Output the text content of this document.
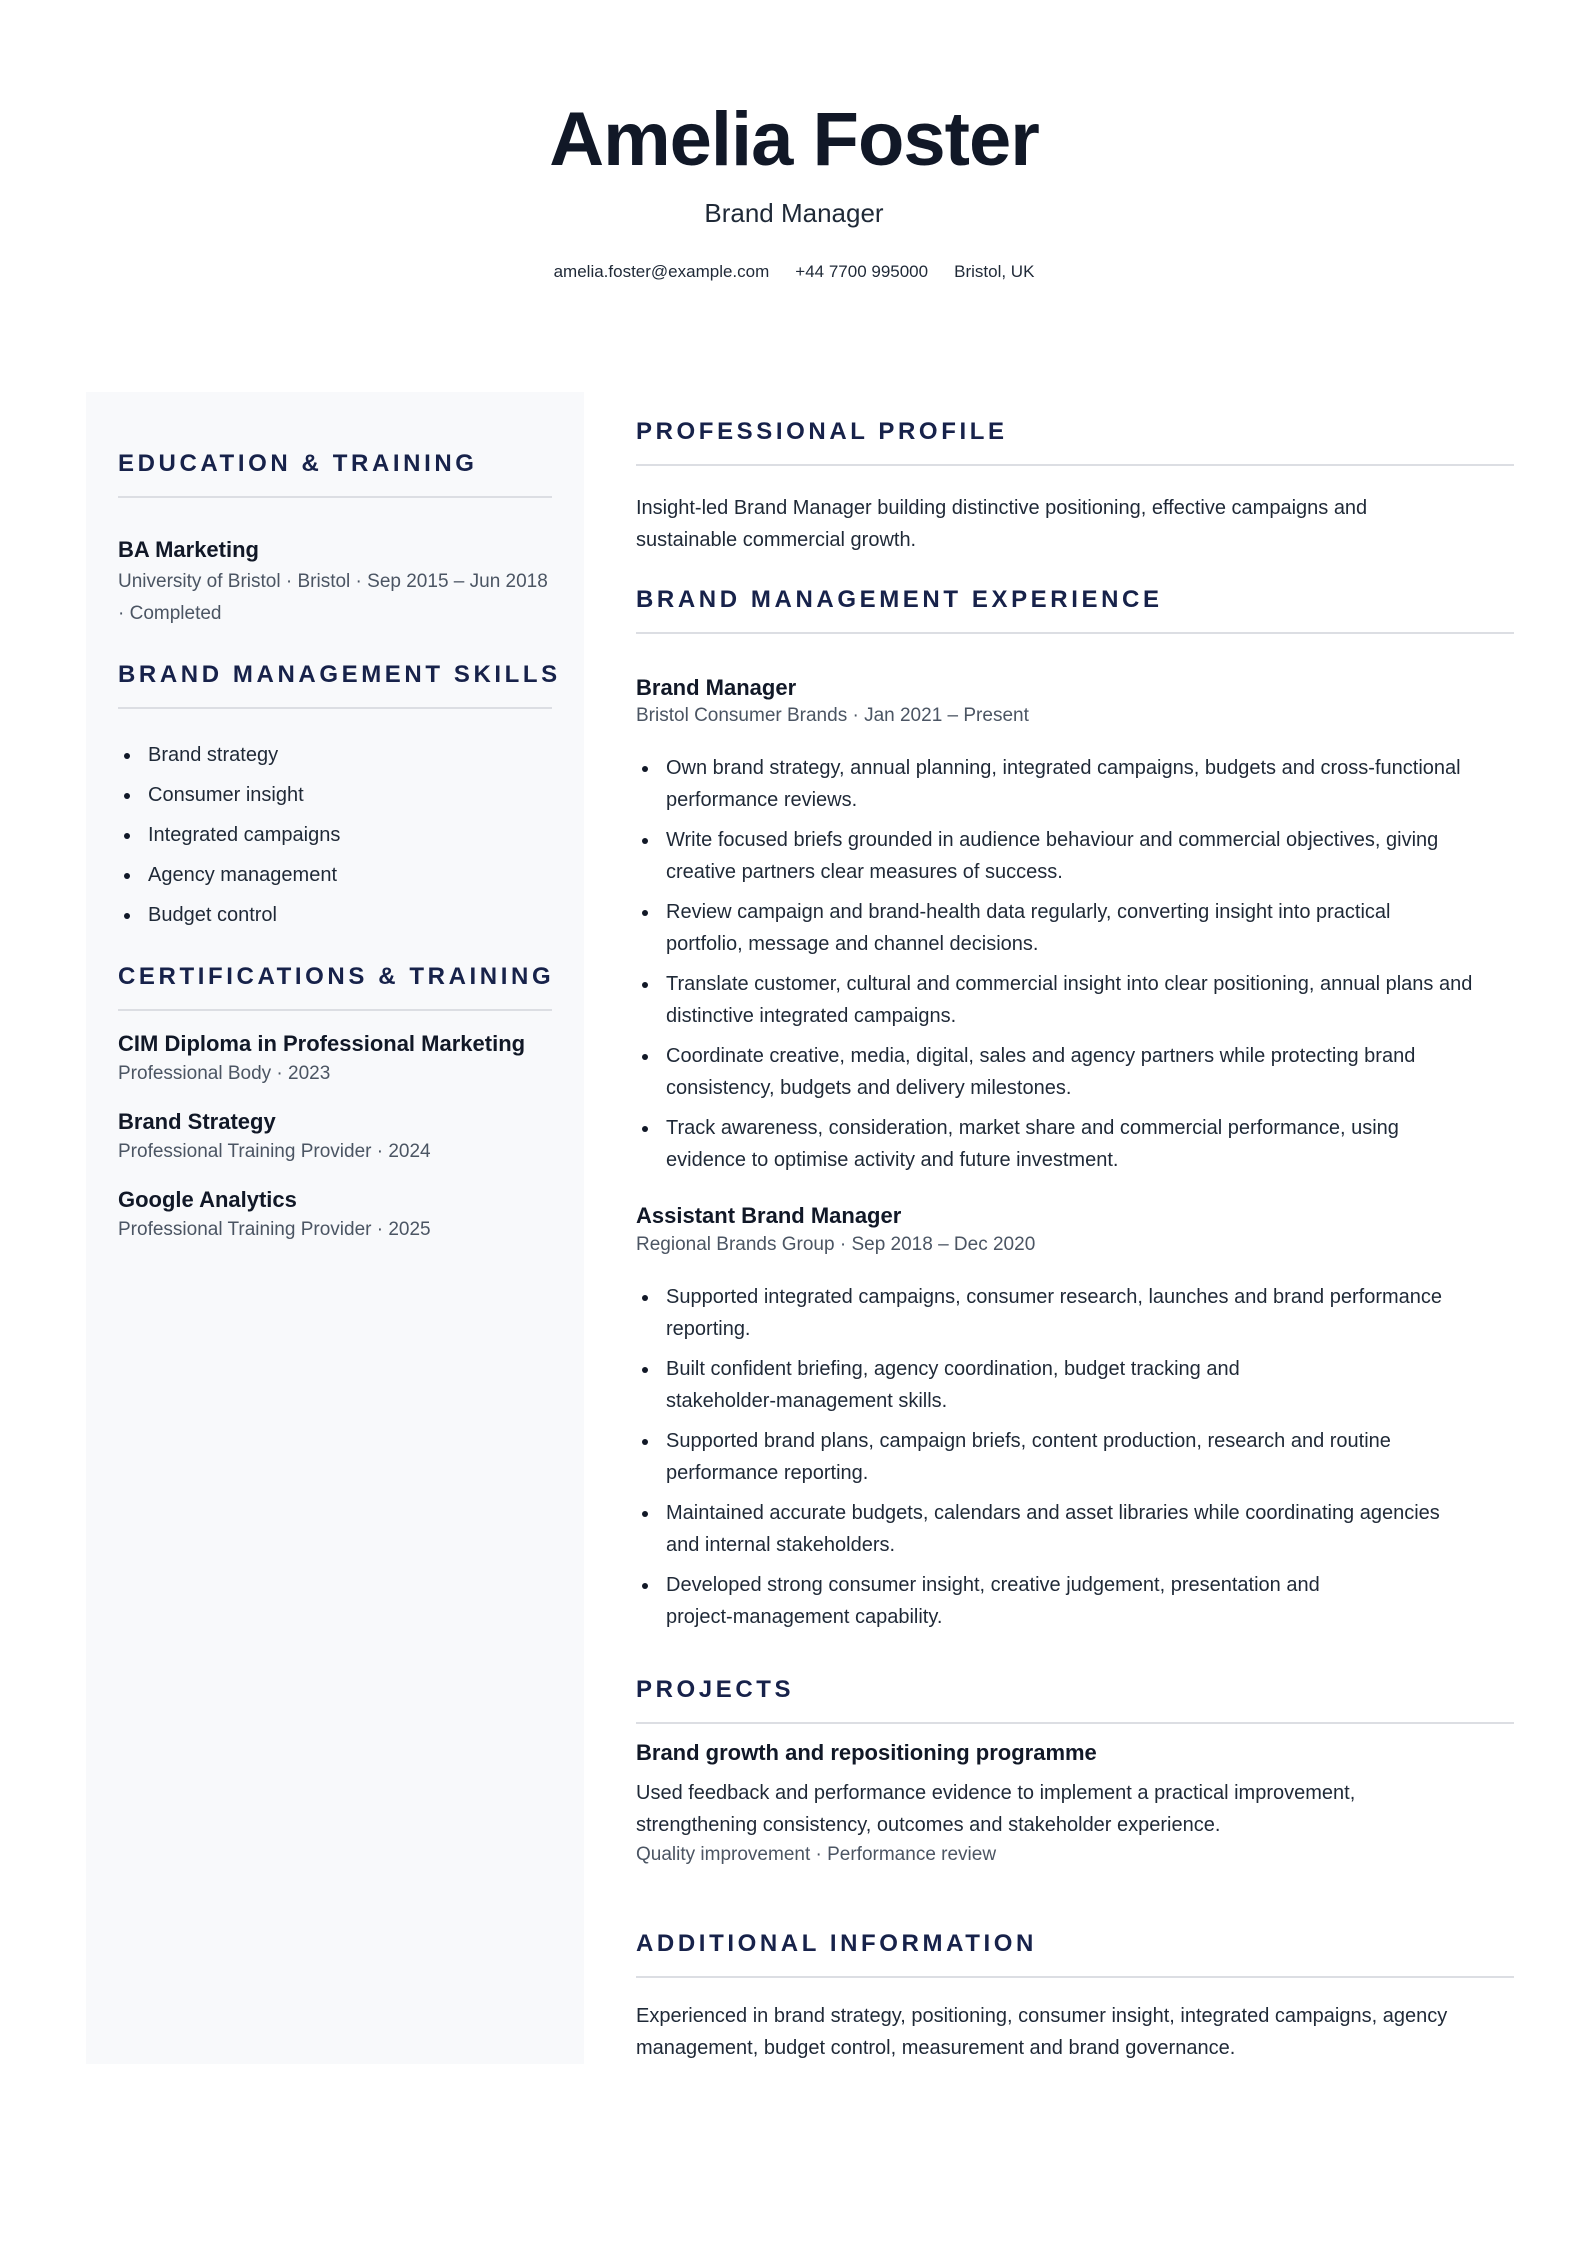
Amelia Foster
Brand Manager
amelia.foster@example.com +44 7700 995000 Bristol, UK
EDUCATION & TRAINING
BA Marketing
University of Bristol · Bristol · Sep 2015 – Jun 2018
· Completed
BRAND MANAGEMENT SKILLS
Brand strategy
Consumer insight
Integrated campaigns
Agency management
Budget control
CERTIFICATIONS & TRAINING
CIM Diploma in Professional Marketing
Professional Body · 2023
Brand Strategy
Professional Training Provider · 2024
Google Analytics
Professional Training Provider · 2025
PROFESSIONAL PROFILE
Insight-led Brand Manager building distinctive positioning, effective campaigns and
sustainable commercial growth.
BRAND MANAGEMENT EXPERIENCE
Brand Manager
Bristol Consumer Brands · Jan 2021 – Present
Own brand strategy, annual planning, integrated campaigns, budgets and cross-functional
performance reviews.
Write focused briefs grounded in audience behaviour and commercial objectives, giving
creative partners clear measures of success.
Review campaign and brand-health data regularly, converting insight into practical
portfolio, message and channel decisions.
Translate customer, cultural and commercial insight into clear positioning, annual plans and
distinctive integrated campaigns.
Coordinate creative, media, digital, sales and agency partners while protecting brand
consistency, budgets and delivery milestones.
Track awareness, consideration, market share and commercial performance, using
evidence to optimise activity and future investment.
Assistant Brand Manager
Regional Brands Group · Sep 2018 – Dec 2020
Supported integrated campaigns, consumer research, launches and brand performance
reporting.
Built confident briefing, agency coordination, budget tracking and
stakeholder-management skills.
Supported brand plans, campaign briefs, content production, research and routine
performance reporting.
Maintained accurate budgets, calendars and asset libraries while coordinating agencies
and internal stakeholders.
Developed strong consumer insight, creative judgement, presentation and
project-management capability.
PROJECTS
Brand growth and repositioning programme
Used feedback and performance evidence to implement a practical improvement,
strengthening consistency, outcomes and stakeholder experience.
Quality improvement · Performance review
ADDITIONAL INFORMATION
Experienced in brand strategy, positioning, consumer insight, integrated campaigns, agency
management, budget control, measurement and brand governance.
